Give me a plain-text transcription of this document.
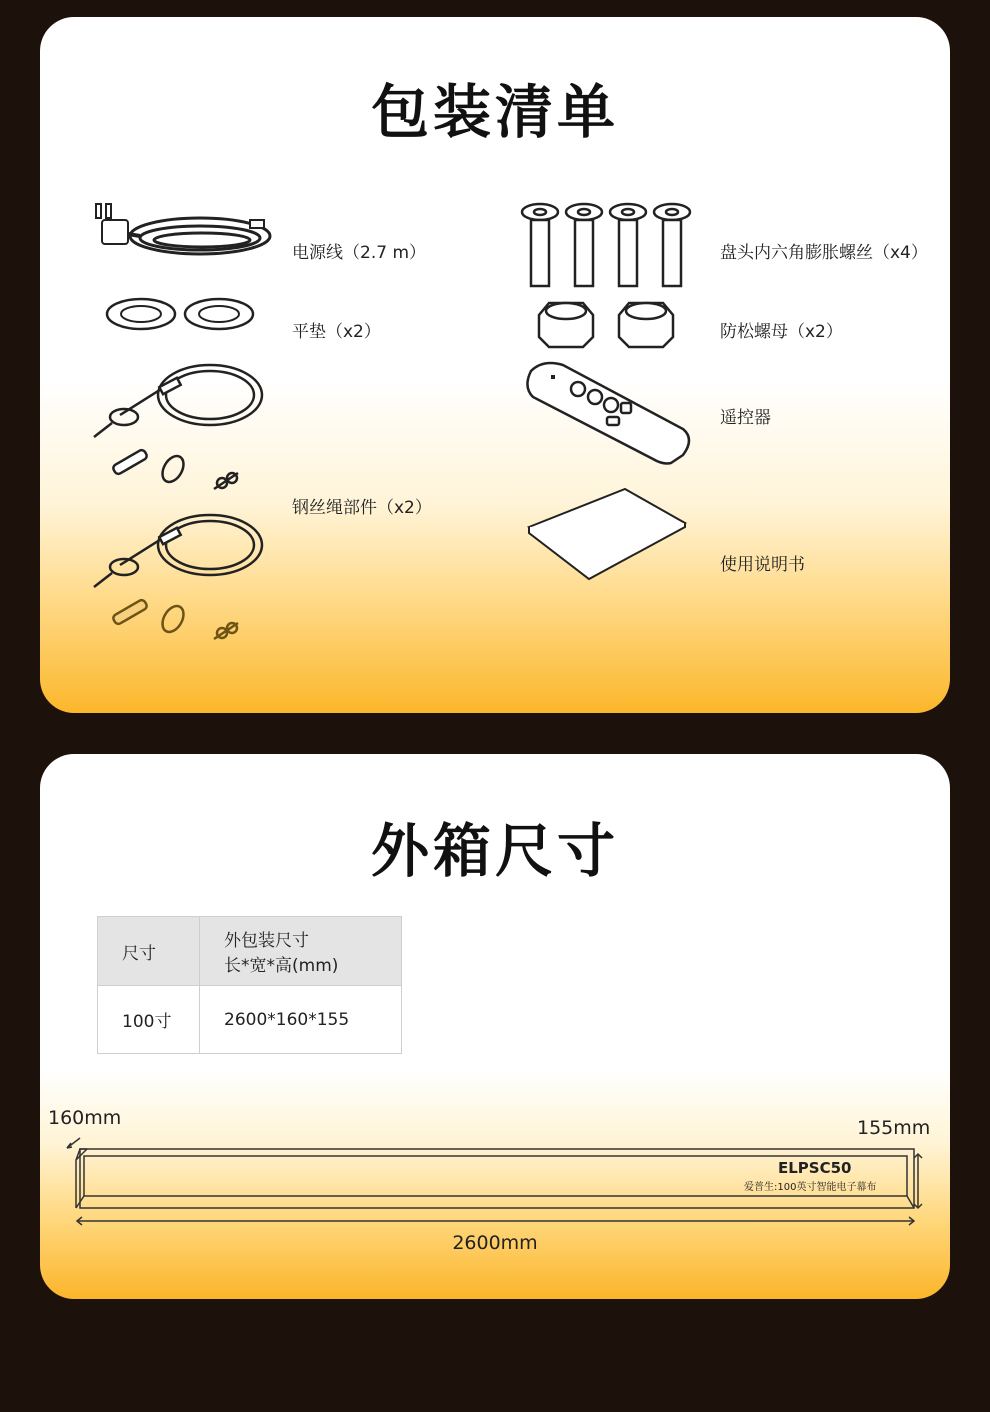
包装清单
电源线（2.7 m）
平垫（x2）
钢丝绳部件（x2）
盘头内六角膨胀螺丝（x4）
防松螺母（x2）
遥控器
使用说明书
外箱尺寸
尺寸	外包装尺寸
长*宽*高(mm)

100寸	2600*160*155
160mm	155mm
ELPSC50
爱普生:100英寸智能电子幕布
2600mm
